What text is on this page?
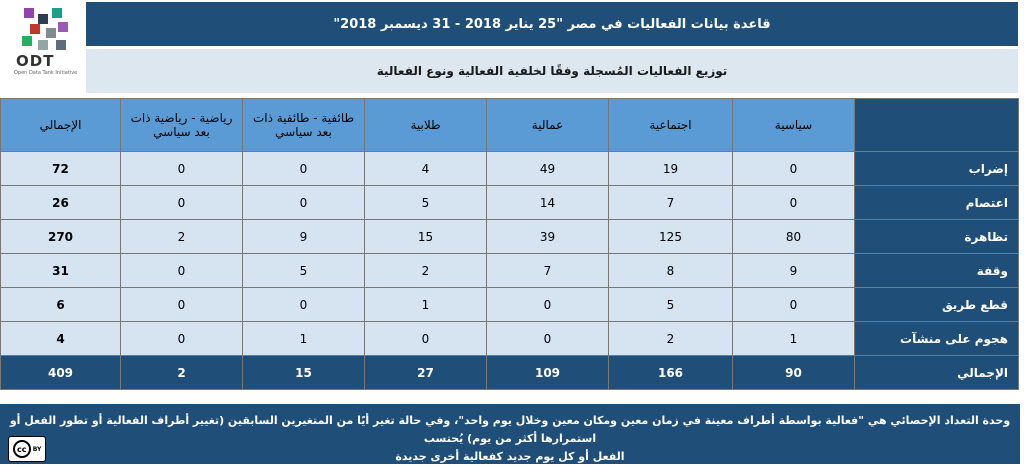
ODT
Open Data Tank Initiative
قاعدة بيانات الفعاليات في مصر "25 يناير 2018 - 31 ديسمبر 2018"
توزيع الفعاليات المُسجلة وفقًا لخلفية الفعالية ونوع الفعالية
الإجمالي	رياضية - رياضية ذات بعد سياسي	طائفية - طائفية ذات بعد سياسي	طلابية	عمالية	اجتماعية	سياسية	
72	0	0	4	49	19	0	إضراب
26	0	0	5	14	7	0	اعتصام
270	2	9	15	39	125	80	تظاهرة
31	0	5	2	7	8	9	وقفة
6	0	0	1	0	5	0	قطع طريق
4	0	1	0	0	2	1	هجوم على منشآت
409	2	15	27	109	166	90	الإجمالي
وحدة التعداد الإحصائي هي "فعالية بواسطة أطراف معينة في زمان معين ومكان معين وخلال يوم واحد"، وفي حالة تغير أيًا من المتغيرين السابقين (تغيير أطراف الفعالية أو تطور الفعل أو استمرارها أكثر من يوم) يُحتسب
الفعل أو كل يوم جديد كفعالية أخرى جديدة
cc	BY
